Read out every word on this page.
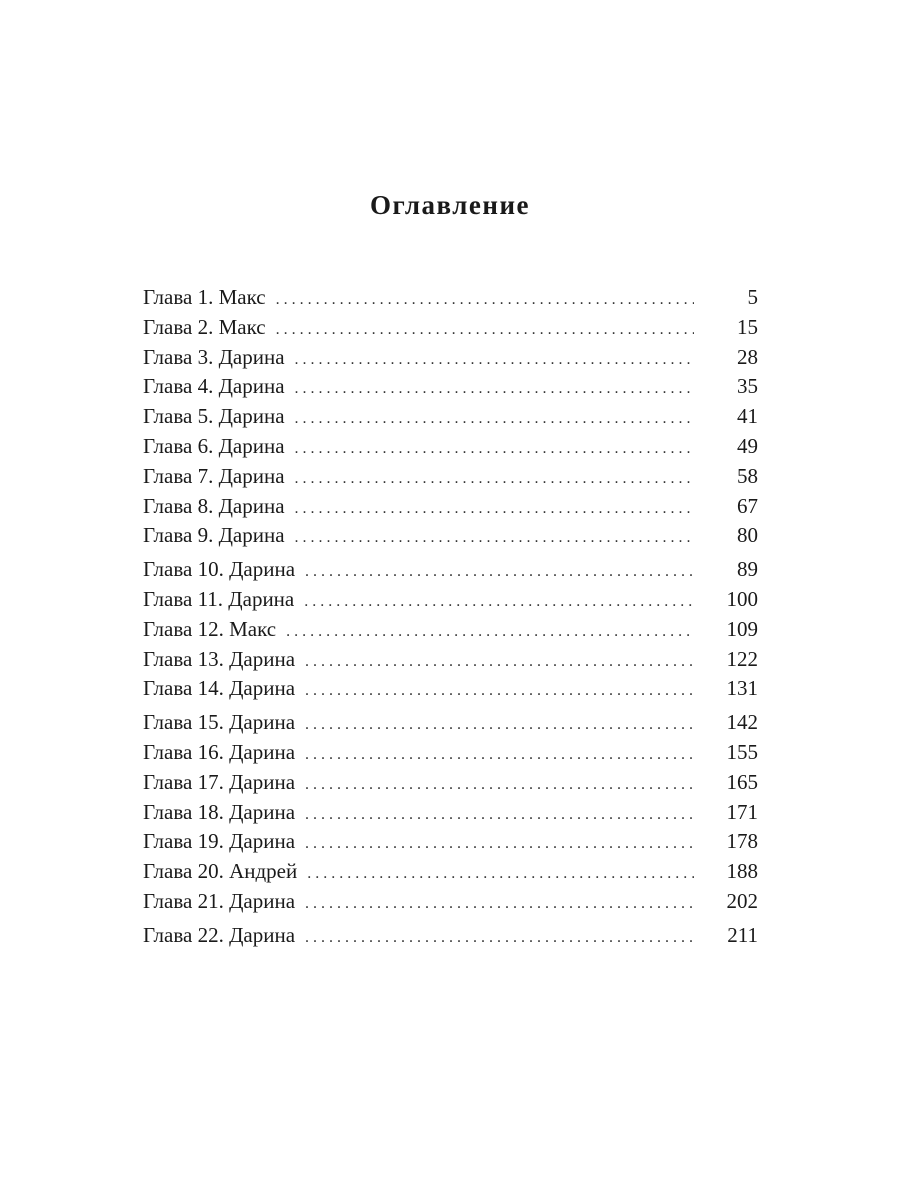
Оглавление
Глава 1. Макс . . .	5
Глава 2. Макс . . .	15
Глава 3. Дарина . . .	28
Глава 4. Дарина . . .	35
Глава 5. Дарина . . .	41
Глава 6. Дарина . . .	49
Глава 7. Дарина . . .	58
Глава 8. Дарина . . .	67
Глава 9. Дарина . . .	80
Глава 10. Дарина . . .	89
Глава 11. Дарина . . .	100
Глава 12. Макс . . .	109
Глава 13. Дарина . . .	122
Глава 14. Дарина . . .	131
Глава 15. Дарина . . .	142
Глава 16. Дарина . . .	155
Глава 17. Дарина . . .	165
Глава 18. Дарина . . .	171
Глава 19. Дарина . . .	178
Глава 20. Андрей . . .	188
Глава 21. Дарина . . .	202
Глава 22. Дарина . . .	211
